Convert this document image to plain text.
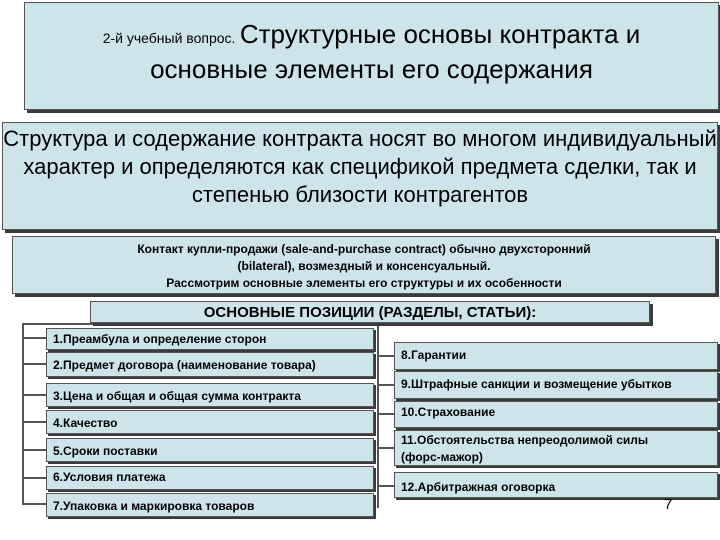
2-й учебный вопрос. Структурные основы контракта и
основные элементы его содержания
Структура и содержание контракта носят во многом индивидуальный характер и определяются как спецификой предмета сделки, так и степенью близости контрагентов
Контакт купли-продажи (sale-and-purchase contract) обычно двухсторонний
(bilateral), возмездный и консенсуальный.
Рассмотрим основные элементы его структуры и их особенности
ОСНОВНЫЕ ПОЗИЦИИ (РАЗДЕЛЫ, СТАТЬИ):
1.Преамбула и определение сторон
2.Предмет договора (наименование товара)
3.Цена и общая и общая сумма контракта
4.Качество
5.Сроки поставки
6.Условия платежа
7.Упаковка и маркировка товаров
8.Гарантии
9.Штрафные санкции и возмещение убытков
10.Страхование
11.Обстоятельства непреодолимой силы
(форс-мажор)
12.Арбитражная оговорка
7
